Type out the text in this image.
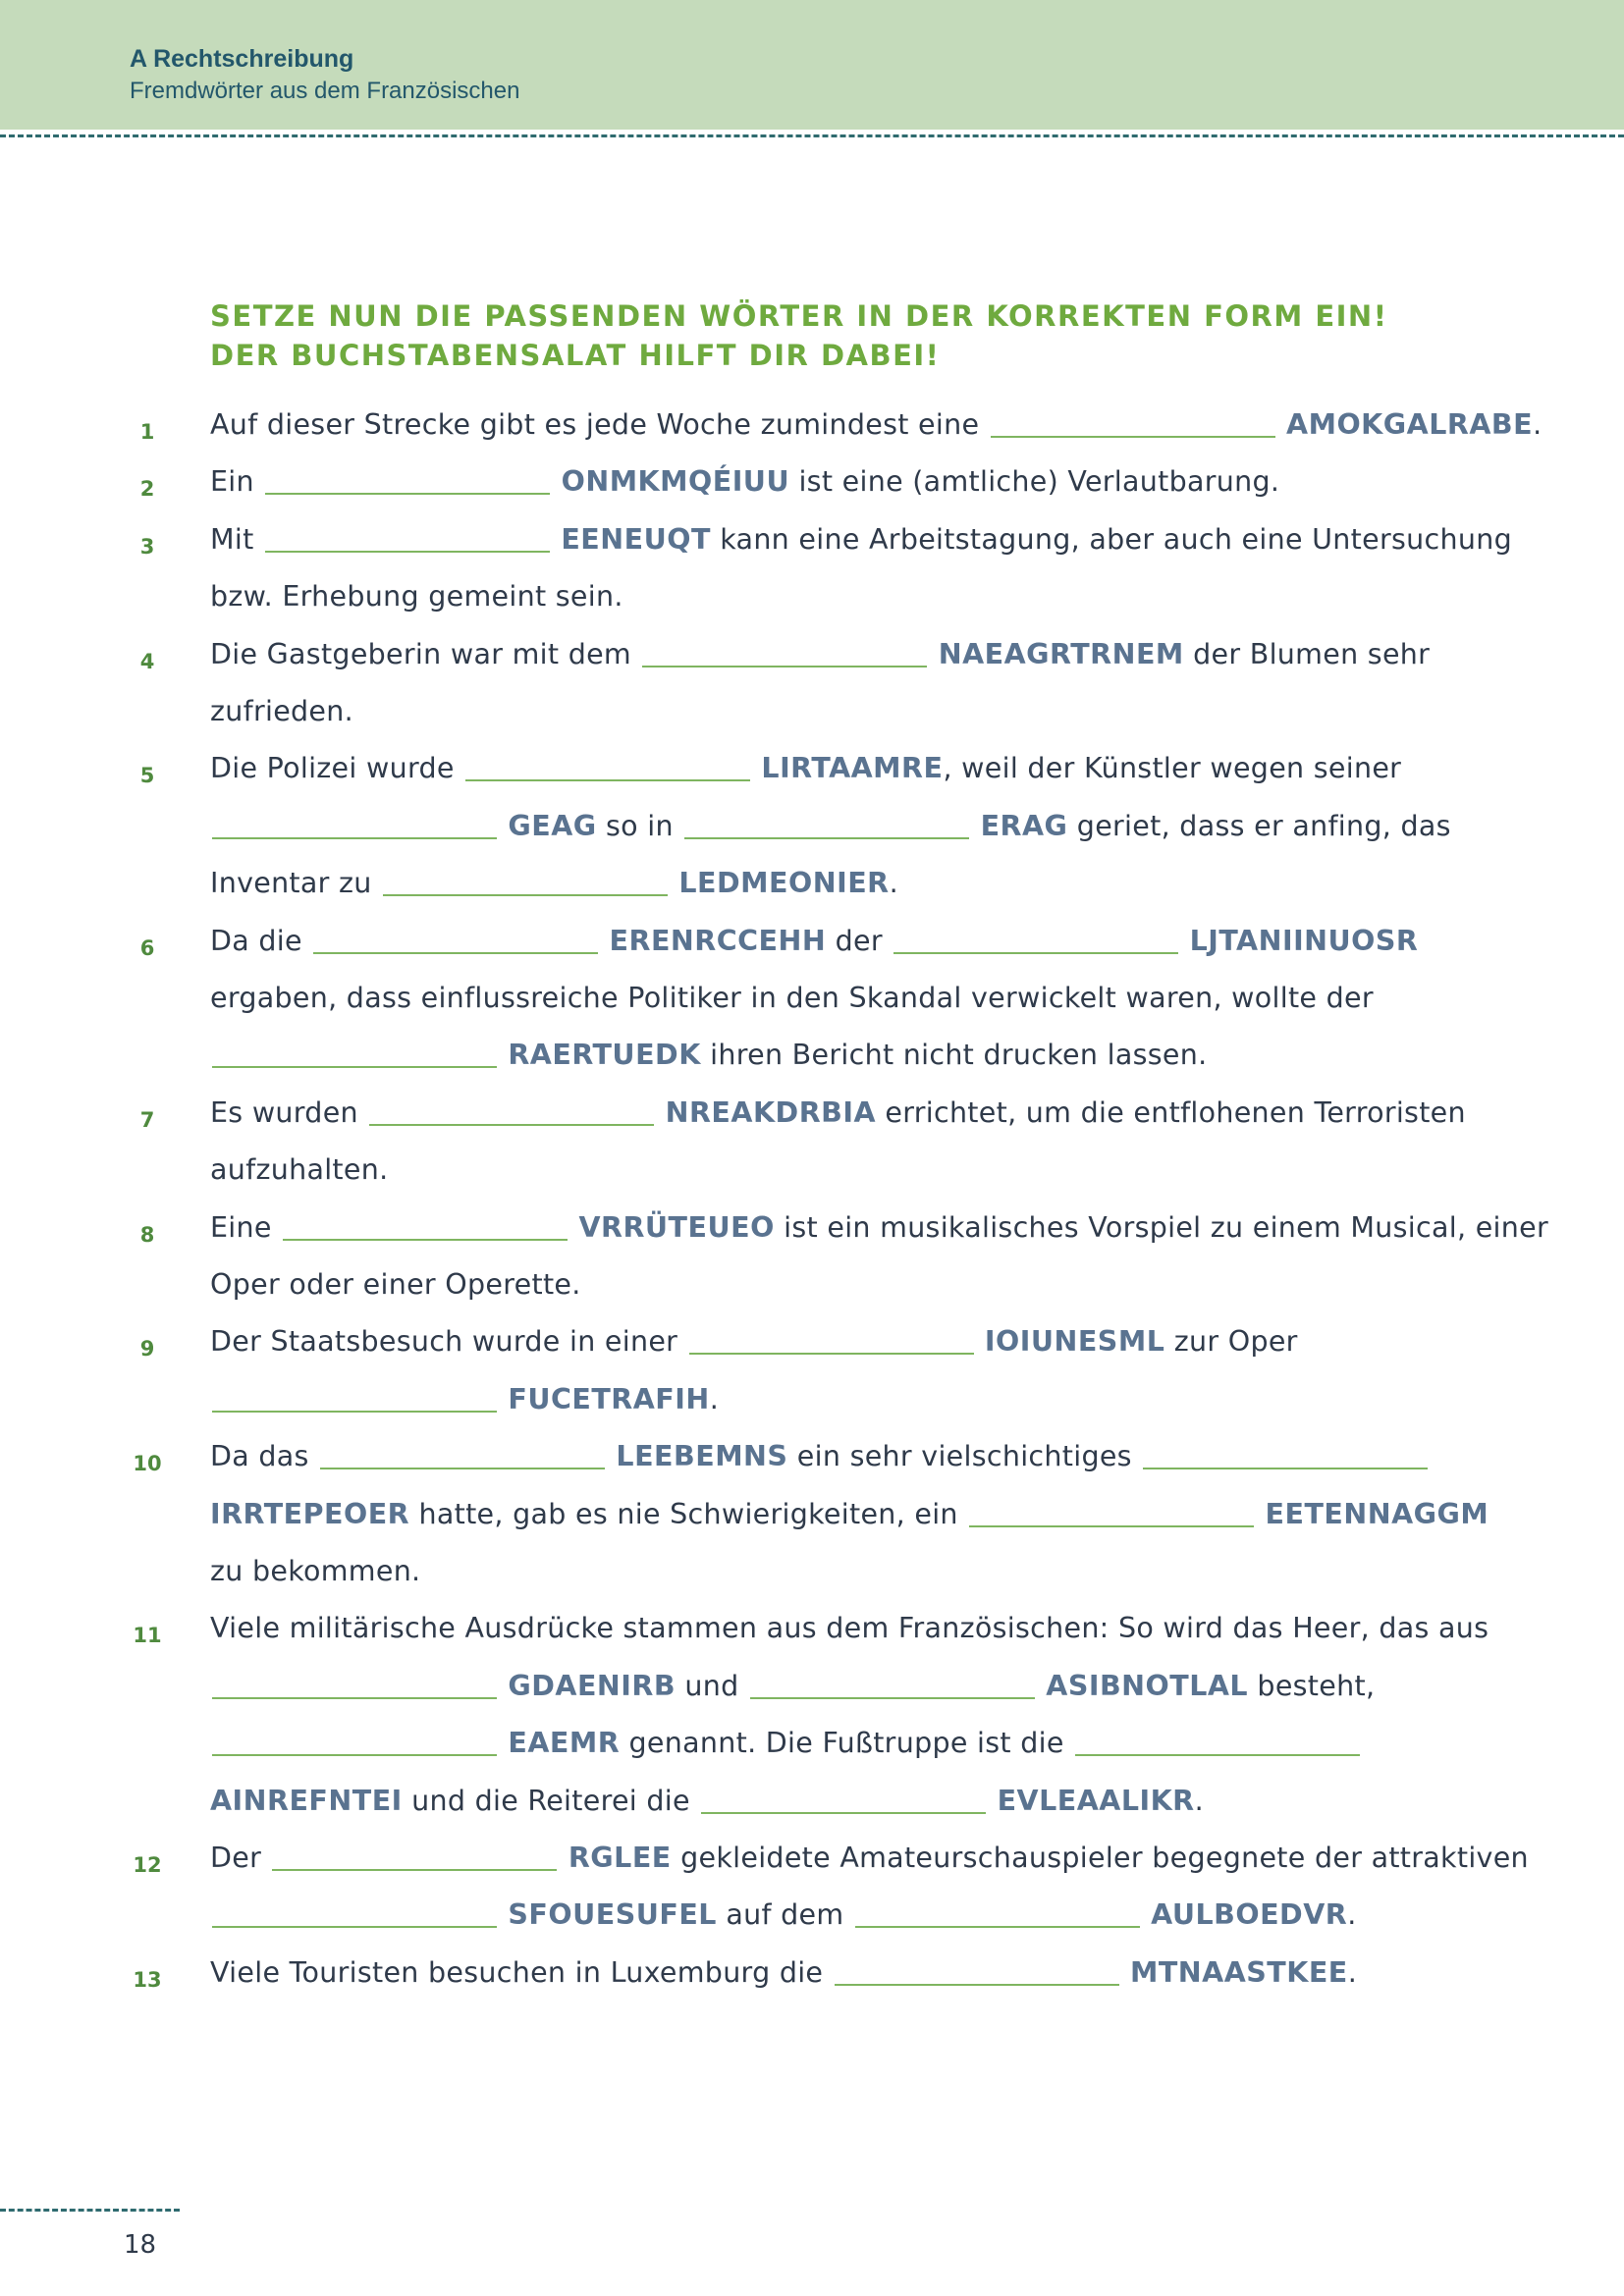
A Rechtschreibung
Fremdwörter aus dem Französischen
SETZE NUN DIE PASSENDEN WÖRTER IN DER KORREKTEN FORM EIN!
DER BUCHSTABENSALAT HILFT DIR DABEI!
1	Auf dieser Strecke gibt es jede Woche zumindest eine	AMOKGALRABE.
2	Ein	ONMKMQÉIUU ist eine (amtliche) Verlautbarung.
3	Mit	EENEUQT kann eine Arbeitstagung, aber auch eine Untersuchung
bzw. Erhebung gemeint sein.
4	Die Gastgeberin war mit dem	NAEAGRTRNEM der Blumen sehr
zufrieden.
5	Die Polizei wurde	LIRTAAMRE, weil der Künstler wegen seiner
GEAG so in	ERAG geriet, dass er anfing, das
Inventar zu	LEDMEONIER.
6	Da die	ERENRCCEHH der	LJTANIINUOSR
ergaben, dass einflussreiche Politiker in den Skandal verwickelt waren, wollte der
RAERTUEDK ihren Bericht nicht drucken lassen.
7	Es wurden	NREAKDRBIA errichtet, um die entflohenen Terroristen
aufzuhalten.
8	Eine	VRRÜTEUEO ist ein musikalisches Vorspiel zu einem Musical, einer
Oper oder einer Operette.
9	Der Staatsbesuch wurde in einer	IOIUNESML zur Oper
FUCETRAFIH.
10	Da das	LEEBEMNS ein sehr vielschichtiges
IRRTEPEOER hatte, gab es nie Schwierigkeiten, ein	EETENNAGGM
zu bekommen.
11	Viele militärische Ausdrücke stammen aus dem Französischen: So wird das Heer, das aus
GDAENIRB und	ASIBNOTLAL besteht,
EAEMR genannt. Die Fußtruppe ist die
AINREFNTEI und die Reiterei die	EVLEAALIKR.
12	Der	RGLEE gekleidete Amateurschauspieler begegnete der attraktiven
SFOUESUFEL auf dem	AULBOEDVR.
13	Viele Touristen besuchen in Luxemburg die	MTNAASTKEE.
18
